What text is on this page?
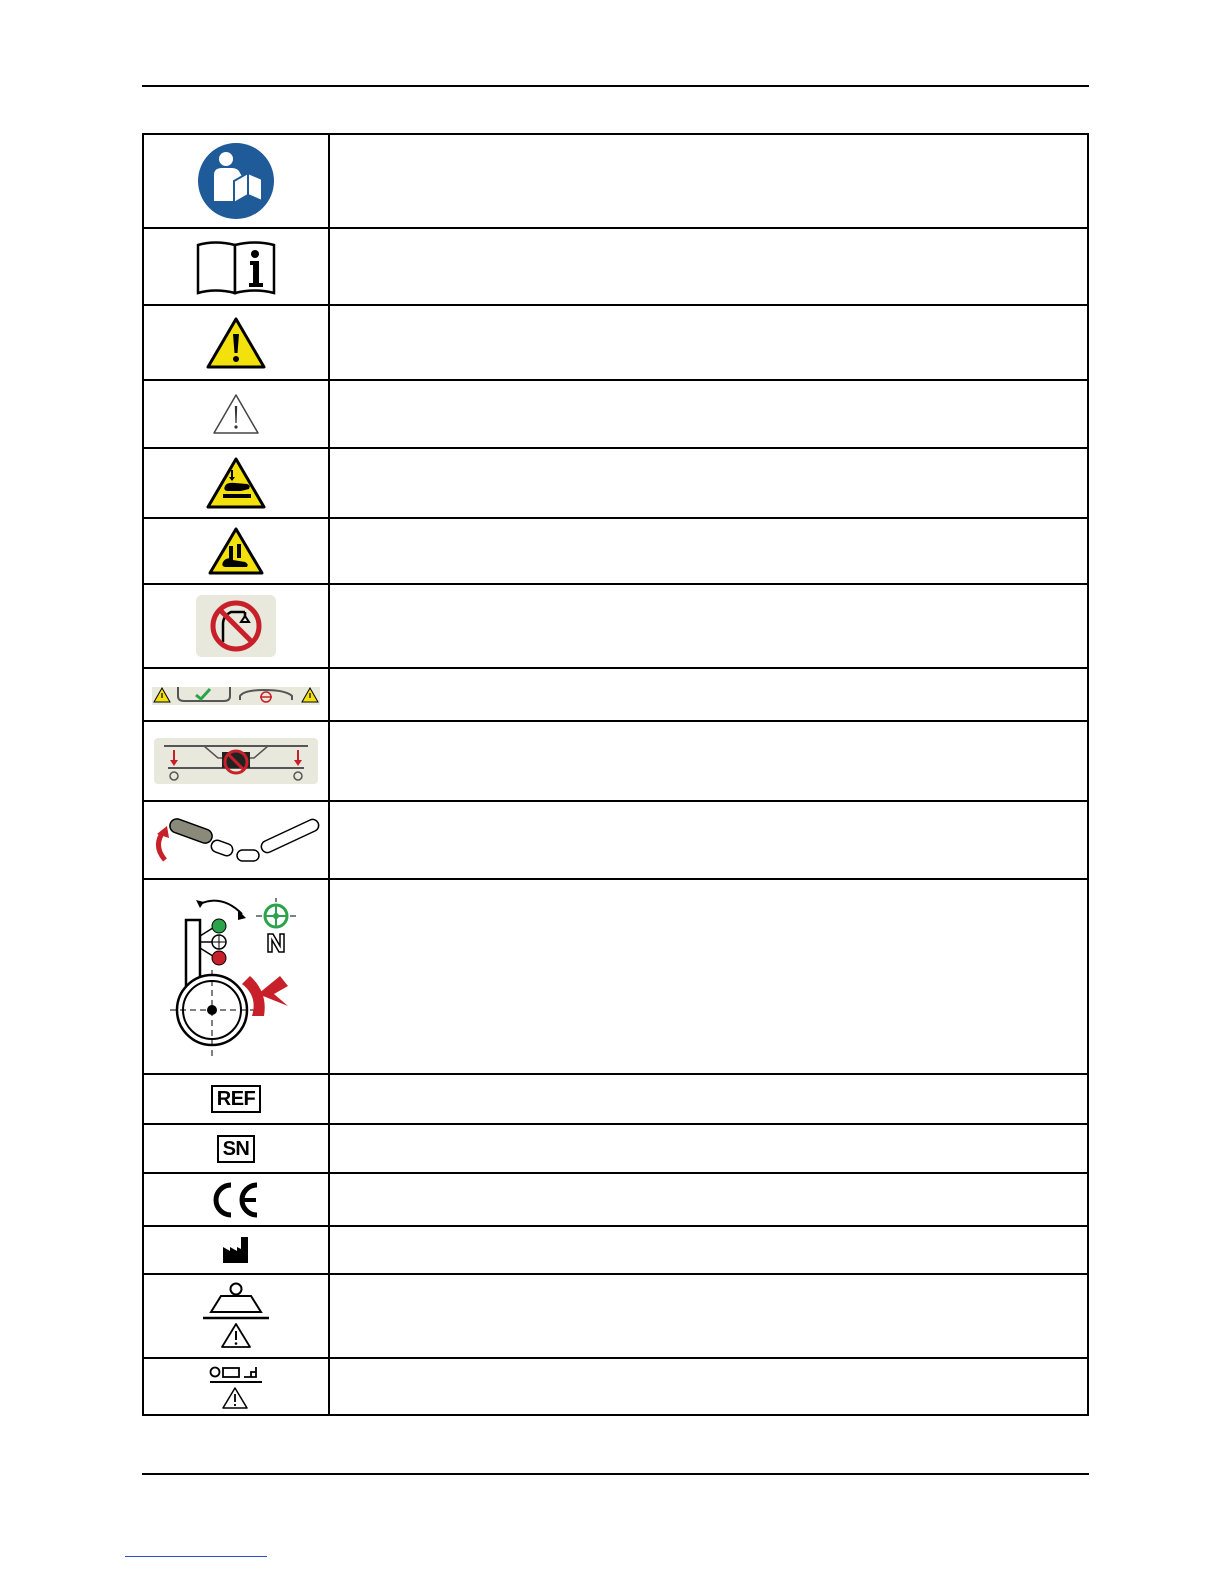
REF	
SN	
